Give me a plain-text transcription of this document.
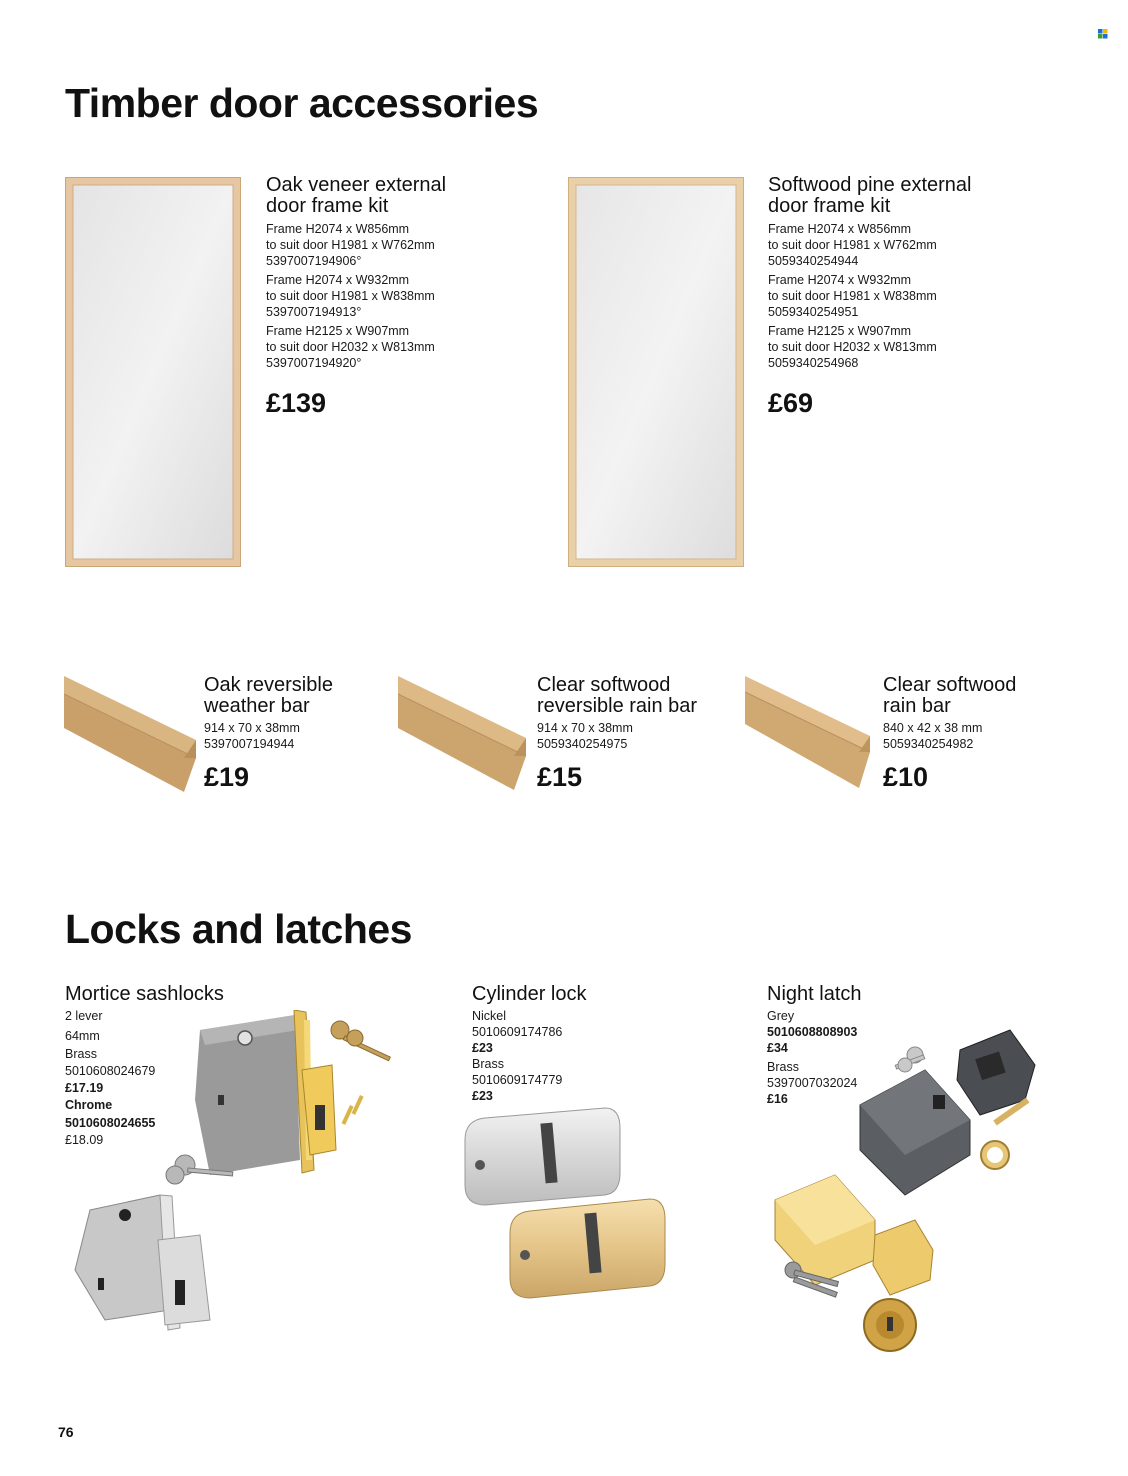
Timber door accessories
Oak veneer external
door frame kit
Frame H2074 x W856mm
to suit door H1981 x W762mm
5397007194906°
Frame H2074 x W932mm
to suit door H1981 x W838mm
5397007194913°
Frame H2125 x W907mm
to suit door H2032 x W813mm
5397007194920°
£139
Softwood pine external
door frame kit
Frame H2074 x W856mm
to suit door H1981 x W762mm
5059340254944
Frame H2074 x W932mm
to suit door H1981 x W838mm
5059340254951
Frame H2125 x W907mm
to suit door H2032 x W813mm
5059340254968
£69
Oak reversible
weather bar
914 x 70 x 38mm
5397007194944
£19
Clear softwood
reversible rain bar
914 x 70 x 38mm
5059340254975
£15
Clear softwood
rain bar
840 x 42 x 38 mm
5059340254982
£10
Locks and latches
Mortice sashlocks
2 lever
64mm
Brass
5010608024679
£17.19
Chrome
5010608024655
£18.09
Cylinder lock
Nickel
5010609174786
£23
Brass
5010609174779
£23
Night latch
Grey
5010608808903
£34
Brass
5397007032024
£16
76
